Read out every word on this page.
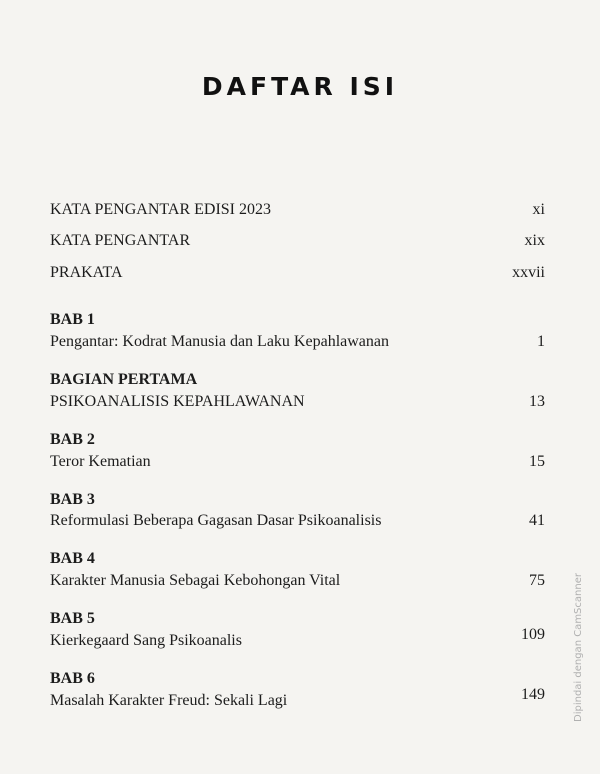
DAFTAR ISI
KATA PENGANTAR EDISI 2023	xi
KATA PENGANTAR	xix
PRAKATA	xxvii
BAB 1
Pengantar: Kodrat Manusia dan Laku Kepahlawanan	1
BAGIAN PERTAMA
PSIKOANALISIS KEPAHLAWANAN	13
BAB 2
Teror Kematian	15
BAB 3
Reformulasi Beberapa Gagasan Dasar Psikoanalisis	41
BAB 4
Karakter Manusia Sebagai Kebohongan Vital	75
BAB 5
Kierkegaard Sang Psikoanalis	109
BAB 6
Masalah Karakter Freud: Sekali Lagi	149	Dipindai dengan CamScanner
